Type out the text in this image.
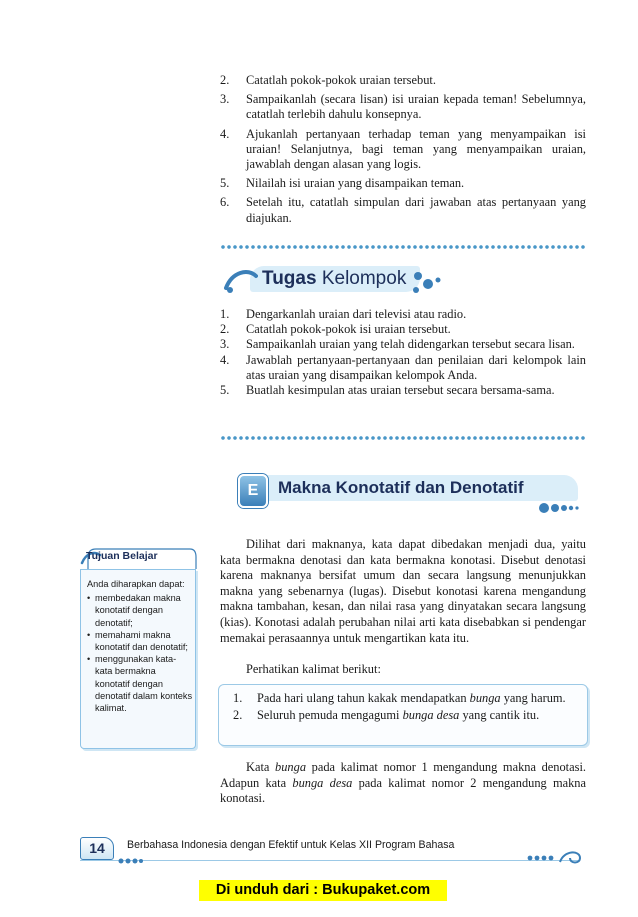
2. Catatlah pokok-pokok uraian tersebut.
3. Sampaikanlah (secara lisan) isi uraian kepada teman! Sebelumnya, catatlah terlebih dahulu konsepnya.
4. Ajukanlah pertanyaan terhadap teman yang menyampaikan isi uraian! Selanjutnya, bagi teman yang menyampaikan uraian, jawablah dengan alasan yang logis.
5. Nilailah isi uraian yang disampaikan teman.
6. Setelah itu, catatlah simpulan dari jawaban atas pertanyaan yang diajukan.
Tugas Kelompok
1. Dengarkanlah uraian dari televisi atau radio.
2. Catatlah pokok-pokok isi uraian tersebut.
3. Sampaikanlah uraian yang telah didengarkan tersebut secara lisan.
4. Jawablah pertanyaan-pertanyaan dan penilaian dari kelompok lain atas uraian yang disampaikan kelompok Anda.
5. Buatlah kesimpulan atas uraian tersebut secara bersama-sama.
E	Makna Konotatif dan Denotatif

Dilihat dari maknanya, kata dapat dibedakan menjadi dua, yaitu kata bermakna denotasi dan kata bermakna konotasi. Disebut denotasi karena maknanya bersifat umum dan secara langsung menunjukkan makna yang sebenarnya (lugas). Disebut konotasi karena mengandung makna tambahan, kesan, dan nilai rasa yang dinyatakan secara langsung (kias). Konotasi adalah perubahan nilai arti kata disebabkan si pendengar memakai perasaannya untuk mengartikan kata itu.

Perhatikan kalimat berikut:

1. Pada hari ulang tahun kakak mendapatkan bunga yang harum.
2. Seluruh pemuda mengagumi bunga desa yang cantik itu.

Kata bunga pada kalimat nomor 1 mengandung makna denotasi. Adapun kata bunga desa pada kalimat nomor 2 mengandung makna konotasi.

Tujuan Belajar
Anda diharapkan dapat:
• membedakan makna konotatif dengan denotatif;
• memahami makna konotatif dan denotatif;
• menggunakan kata-kata bermakna konotatif dengan denotatif dalam konteks kalimat.
14	Berbahasa Indonesia dengan Efektif untuk Kelas XII Program Bahasa
Di unduh dari : Bukupaket.com
